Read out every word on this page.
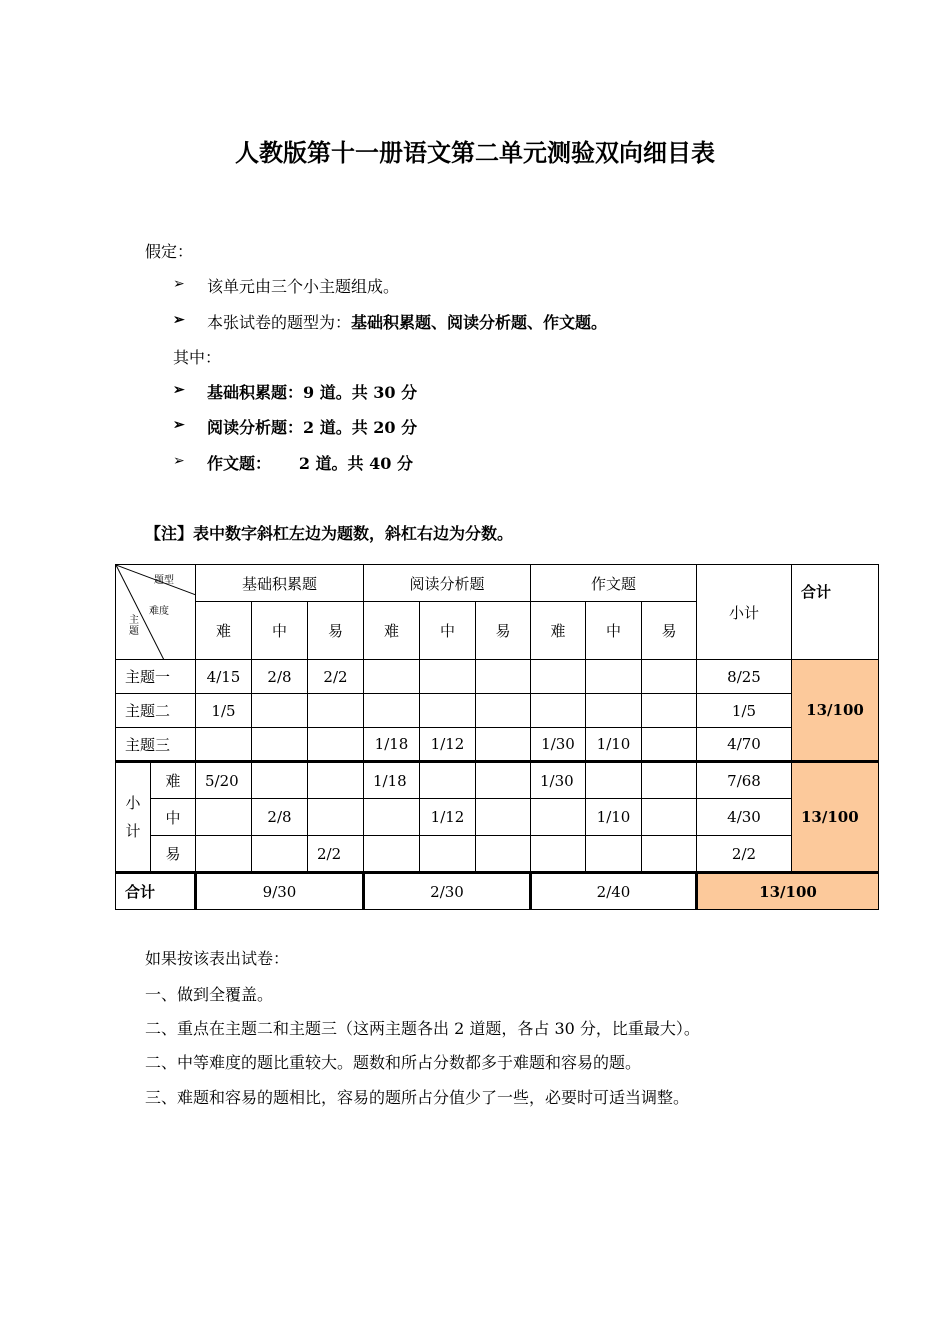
人教版第十一册语文第二单元测验双向细目表
假定：
➢ 该单元由三个小主题组成。
➢ 本张试卷的题型为：基础积累题、阅读分析题、作文题。
其中：
➢ 基础积累题：9 道。共 30 分
➢ 阅读分析题：2 道。共 20 分
➢ 作文题：     2 道。共 40 分
【注】表中数字斜杠左边为题数，斜杠右边为分数。
题型
难度
主题		基础积累题			阅读分析题			作文题			小计	合计
		难	中	易	难	中	易	难	中	易		
主题一		4/15	2/8	2/2							8/25	13/100
主题二		1/5									1/5	
主题三					1/18	1/12		1/30	1/10		4/70	

小计	难	5/20			1/18			1/30			7/68	13/100
	中		2/8			1/12			1/10		4/30	
	易			2/2							2/2	
合计		9/30			2/30			2/40			13/100	
如果按该表出试卷：
一、做到全覆盖。
二、重点在主题二和主题三（这两主题各出 2 道题，各占 30 分，比重最大）。
二、中等难度的题比重较大。题数和所占分数都多于难题和容易的题。
三、难题和容易的题相比，容易的题所占分值少了一些，必要时可适当调整。
